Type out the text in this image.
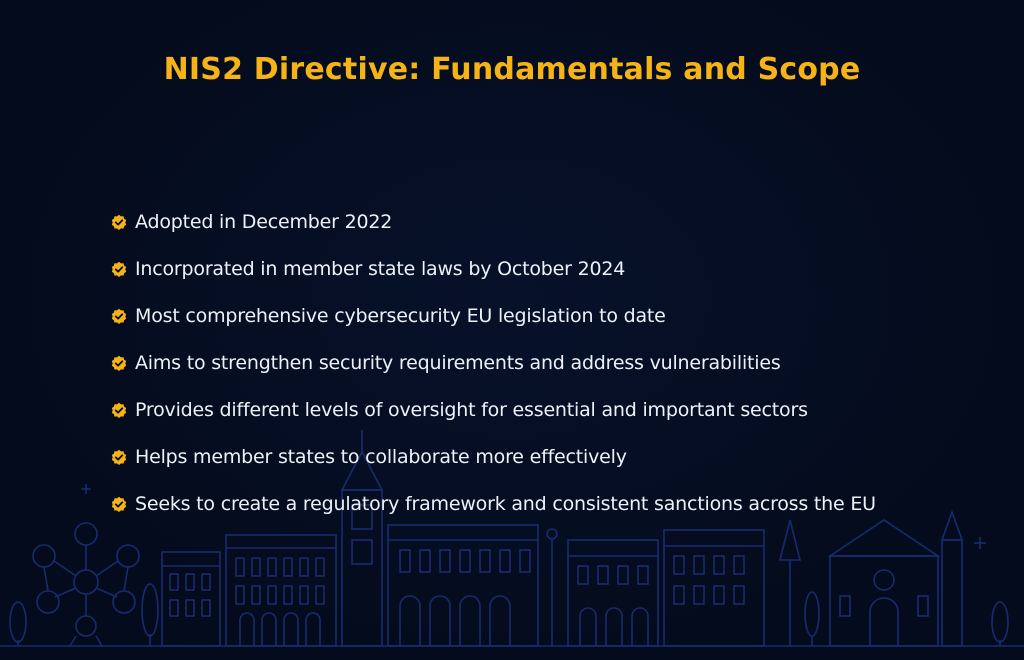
NIS2 Directive: Fundamentals and Scope
Adopted in December 2022
Incorporated in member state laws by October 2024
Most comprehensive cybersecurity EU legislation to date
Aims to strengthen security requirements and address vulnerabilities
Provides different levels of oversight for essential and important sectors
Helps member states to collaborate more effectively
Seeks to create a regulatory framework and consistent sanctions across the EU
